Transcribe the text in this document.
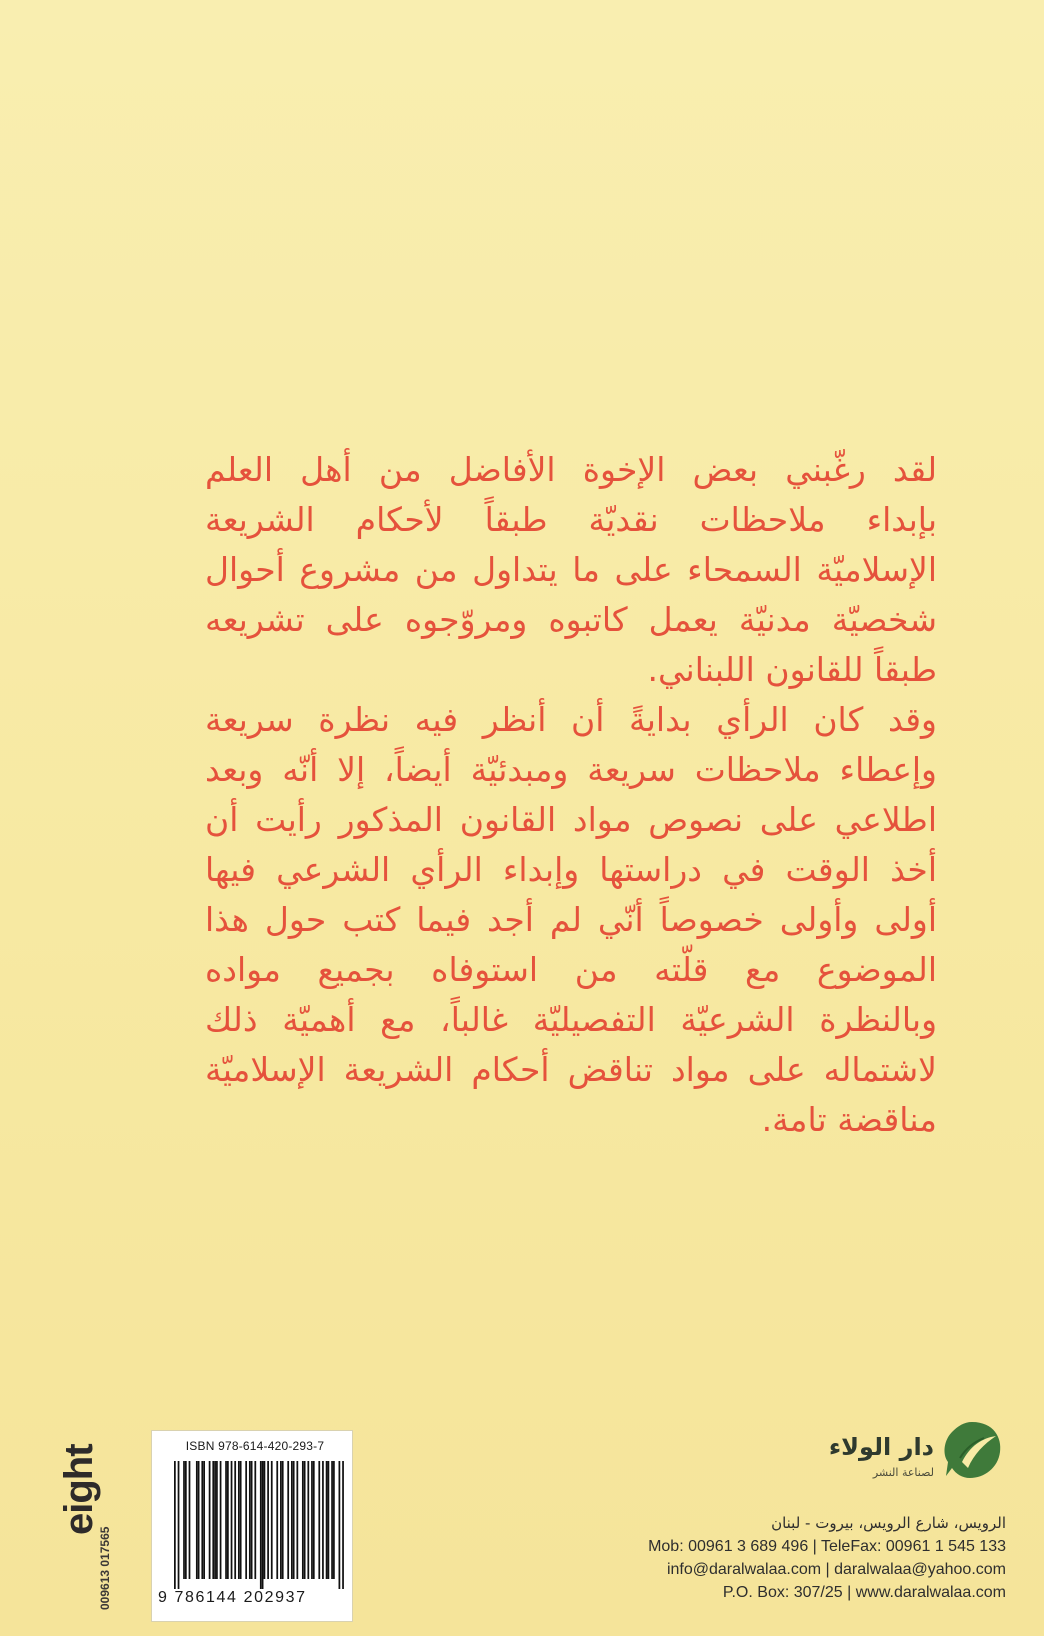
لقد رغّبني بعض الإخوة الأفاضل من أهل العلم

بإبداء ملاحظات نقديّة طبقاً لأحكام الشريعة

الإسلاميّة السمحاء على ما يتداول من مشروع أحوال

شخصيّة مدنيّة يعمل كاتبوه ومروّجوه على تشريعه

طبقاً للقانون اللبناني.

وقد كان الرأي بدايةً أن أنظر فيه نظرة سريعة

وإعطاء ملاحظات سريعة ومبدئيّة أيضاً، إلا أنّه وبعد

اطلاعي على نصوص مواد القانون المذكور رأيت أن

أخذ الوقت في دراستها وإبداء الرأي الشرعي فيها

أولى وأولى خصوصاً أنّي لم أجد فيما كتب حول هذا

الموضوع مع قلّته من استوفاه بجميع مواده

وبالنظرة الشرعيّة التفصيليّة غالباً، مع أهميّة ذلك

لاشتماله على مواد تناقض أحكام الشريعة الإسلاميّة

مناقضة تامة.

eight
009613 017565
ISBN 978-614-420-293-7
9 786144 202937
دار الولاء
لصناعة النشر
الرويس، شارع الرويس، بيروت - لبنان
Mob: 00961 3 689 496 | TeleFax: 00961 1 545 133
info@daralwalaa.com | daralwalaa@yahoo.com
P.O. Box: 307/25 | www.daralwalaa.com
